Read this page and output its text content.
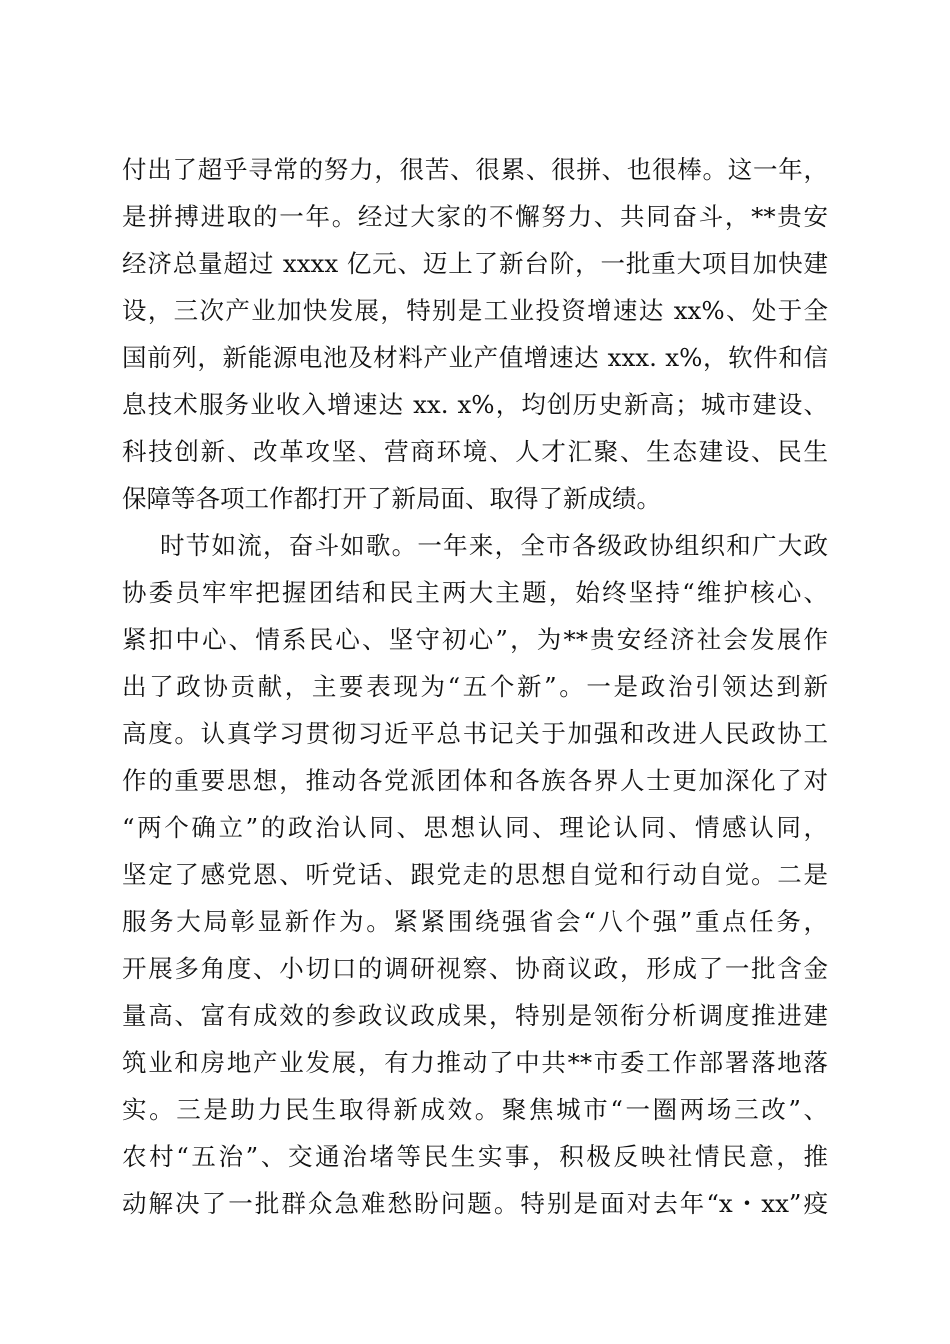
付出了超乎寻常的努力，很苦、很累、很拼、也很棒。这一年，
是拼搏进取的一年。经过大家的不懈努力、共同奋斗，**贵安
经济总量超过 xxxx 亿元、迈上了新台阶，一批重大项目加快建
设，三次产业加快发展，特别是工业投资增速达 xx%、处于全
国前列，新能源电池及材料产业产值增速达 xxx. x%，软件和信
息技术服务业收入增速达 xx. x%，均创历史新高；城市建设、
科技创新、改革攻坚、营商环境、人才汇聚、生态建设、民生
保障等各项工作都打开了新局面、取得了新成绩。
时节如流，奋斗如歌。一年来，全市各级政协组织和广大政
协委员牢牢把握团结和民主两大主题，始终坚持“维护核心、
紧扣中心、情系民心、坚守初心”，为**贵安经济社会发展作
出了政协贡献，主要表现为“五个新”。一是政治引领达到新
高度。认真学习贯彻习近平总书记关于加强和改进人民政协工
作的重要思想，推动各党派团体和各族各界人士更加深化了对
“两个确立”的政治认同、思想认同、理论认同、情感认同，
坚定了感党恩、听党话、跟党走的思想自觉和行动自觉。二是
服务大局彰显新作为。紧紧围绕强省会“八个强”重点任务，
开展多角度、小切口的调研视察、协商议政，形成了一批含金
量高、富有成效的参政议政成果，特别是领衔分析调度推进建
筑业和房地产业发展，有力推动了中共**市委工作部署落地落
实。三是助力民生取得新成效。聚焦城市“一圈两场三改”、
农村“五治”、交通治堵等民生实事，积极反映社情民意，推
动解决了一批群众急难愁盼问题。特别是面对去年“x・xx”疫
